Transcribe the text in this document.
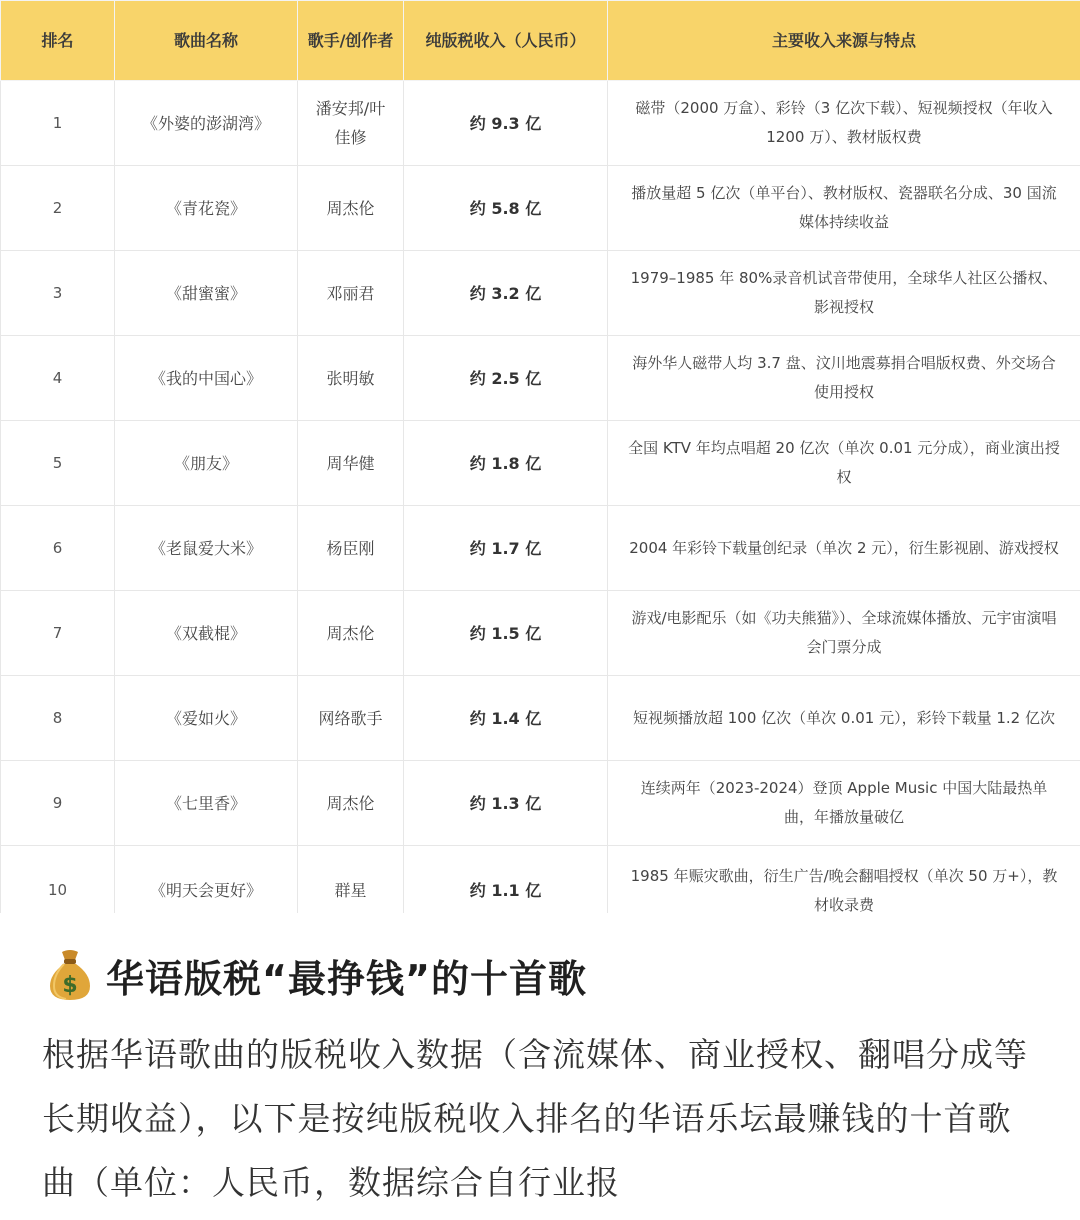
排名	歌曲名称	歌手/创作者	纯版税收入（人民币）	主要收入来源与特点
1	《外婆的澎湖湾》	潘安邦/叶佳修	约 9.3 亿	磁带（2000 万盒）、彩铃（3 亿次下载）、短视频授权（年收入 1200 万）、教材版权费
2	《青花瓷》	周杰伦	约 5.8 亿	播放量超 5 亿次（单平台）、教材版权、瓷器联名分成、30 国流媒体持续收益
3	《甜蜜蜜》	邓丽君	约 3.2 亿	1979–1985 年 80%录音机试音带使用，全球华人社区公播权、影视授权
4	《我的中国心》	张明敏	约 2.5 亿	海外华人磁带人均 3.7 盘、汶川地震募捐合唱版权费、外交场合使用授权
5	《朋友》	周华健	约 1.8 亿	全国 KTV 年均点唱超 20 亿次（单次 0.01 元分成），商业演出授权
6	《老鼠爱大米》	杨臣刚	约 1.7 亿	2004 年彩铃下载量创纪录（单次 2 元），衍生影视剧、游戏授权
7	《双截棍》	周杰伦	约 1.5 亿	游戏/电影配乐（如《功夫熊猫》）、全球流媒体播放、元宇宙演唱会门票分成
8	《爱如火》	网络歌手	约 1.4 亿	短视频播放超 100 亿次（单次 0.01 元），彩铃下载量 1.2 亿次
9	《七里香》	周杰伦	约 1.3 亿	连续两年（2023-2024）登顶 Apple Music 中国大陆最热单曲，年播放量破亿
10	《明天会更好》	群星	约 1.1 亿	1985 年赈灾歌曲，衍生广告/晚会翻唱授权（单次 50 万+），教材收录费
$ 华语版税“最挣钱”的十首歌
根据华语歌曲的版税收入数据（含流媒体、商业授权、翻唱分成等长期收益），以下是按纯版税收入排名的华语乐坛最赚钱的十首歌曲（单位：人民币，数据综合自行业报
